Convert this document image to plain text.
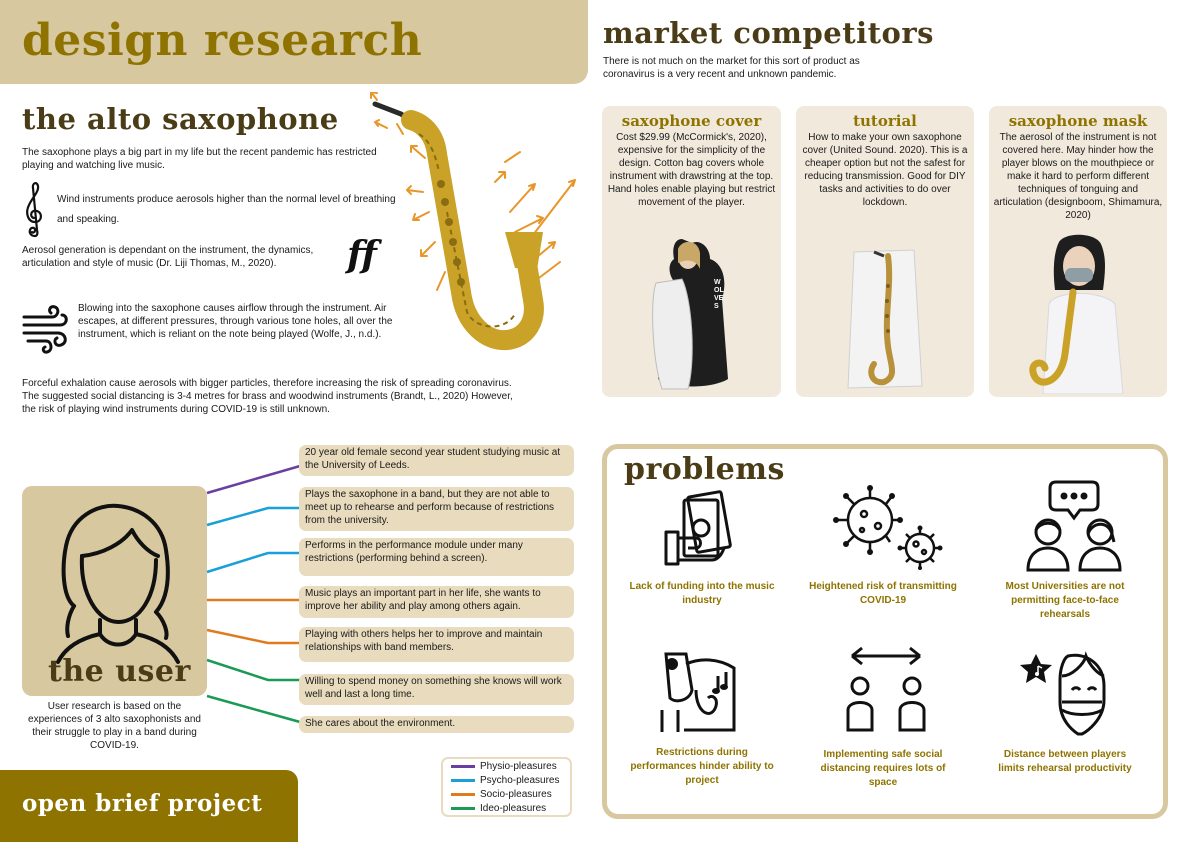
design research
the alto saxophone
The saxophone plays a big part in my life but the recent pandemic has restricted playing and watching live music.
Wind instruments produce aerosols higher than the normal level of breathing and speaking.
Aerosol generation is dependant on the instrument, the dynamics, articulation and style of music (Dr. Liji Thomas, M., 2020).	ff
Blowing into the saxophone causes airflow through the instrument. Air escapes, at different pressures, through various tone holes, all over the instrument, which is reliant on the note being played (Wolfe, J., n.d.).
Forceful exhalation cause aerosols with bigger particles, therefore increasing the risk of spreading coronavirus. The suggested social distancing is 3-4 metres for brass and woodwind instruments (Brandt, L., 2020) However, the risk of playing wind instruments during COVID-19 is still unknown.
market competitors
There is not much on the market for this sort of product as coronavirus is a very recent and unknown pandemic.
saxophone cover
Cost $29.99 (McCormick's, 2020), expensive for the simplicity of the design. Cotton bag covers whole instrument with drawstring at the top. Hand holes enable playing but restrict movement of the player.
WOLVES
tutorial
How to make your own saxophone cover (United Sound. 2020). This is a cheaper option but not the safest for reducing transmission. Good for DIY tasks and activities to do over lockdown.
saxophone mask
The aerosol of the instrument is not covered here. May hinder how the player blows on the mouthpiece or make it hard to perform different techniques of tonguing and articulation (designboom, Shimamura, 2020)
the user
User research is based on the experiences of 3 alto saxophonists and their struggle to play in a band during COVID-19.
20 year old female second year student studying music at the University of Leeds.
Plays the saxophone in a band, but they are not able to meet up to rehearse and perform because of restrictions from the university.
Performs in the performance module under many restrictions (performing behind a screen).
Music plays an important part in her life, she wants to improve her ability and play among others again.
Playing with others helps her to improve and maintain relationships with band members.
Willing to spend money on something she knows will work well and last a long time.
She cares about the environment.
Physio-pleasures
Psycho-pleasures
Socio-pleasures
Ideo-pleasures
open brief project
problems
Lack of funding into the music industry
Heightened risk of transmitting COVID-19
Most Universities are not permitting face-to-face rehearsals
Restrictions during performances hinder ability to project
Implementing safe social distancing requires lots of space
Distance between players limits rehearsal productivity
